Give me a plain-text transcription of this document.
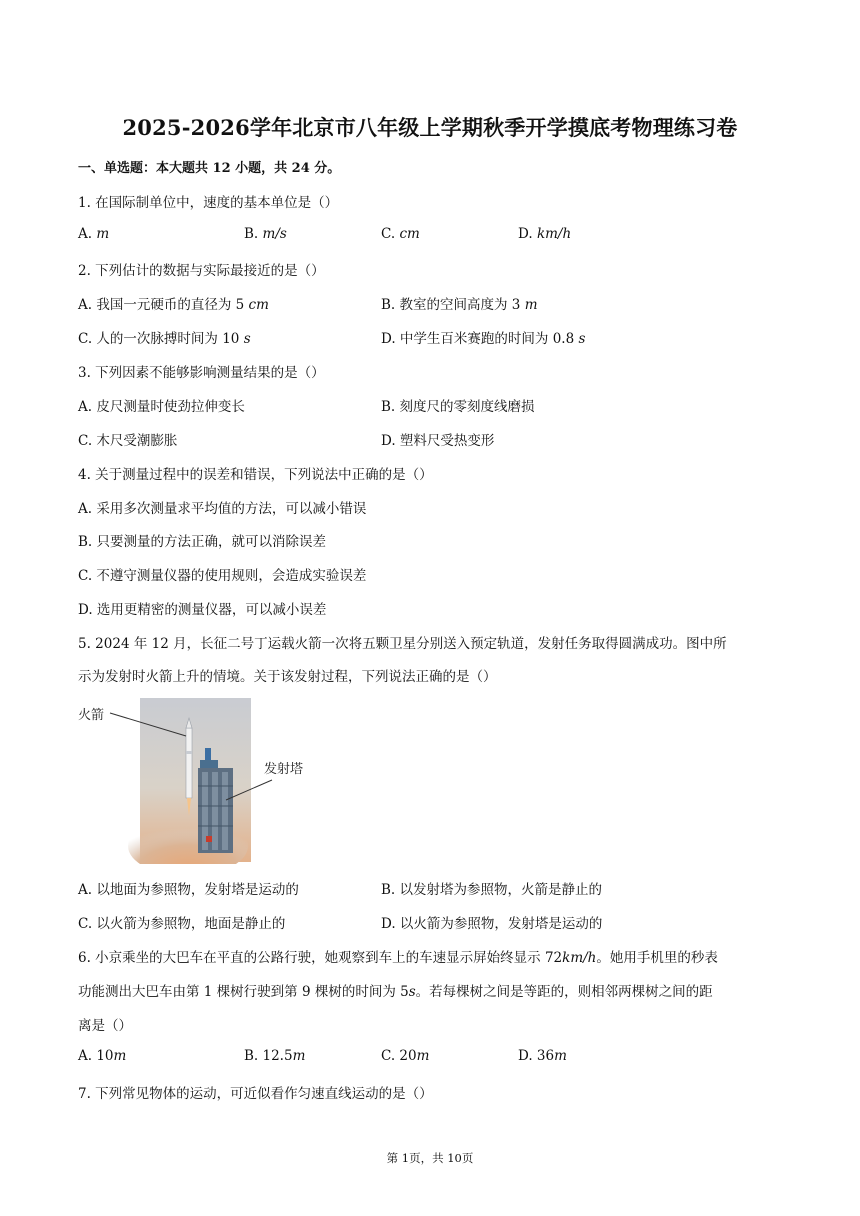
2025-2026学年北京市八年级上学期秋季开学摸底考物理练习卷
一、单选题：本大题共 12 小题，共 24 分。
1. 在国际制单位中，速度的基本单位是（）
A. m	B. m/s	C. cm	D. km/h
2. 下列估计的数据与实际最接近的是（）
A. 我国一元硬币的直径为 5 cm	B. 教室的空间高度为 3 m
C. 人的一次脉搏时间为 10 s	D. 中学生百米赛跑的时间为 0.8 s
3. 下列因素不能够影响测量结果的是（）
A. 皮尺测量时使劲拉伸变长	B. 刻度尺的零刻度线磨损
C. 木尺受潮膨胀	D. 塑料尺受热变形
4. 关于测量过程中的误差和错误，下列说法中正确的是（）
A. 采用多次测量求平均值的方法，可以减小错误
B. 只要测量的方法正确，就可以消除误差
C. 不遵守测量仪器的使用规则，会造成实验误差
D. 选用更精密的测量仪器，可以减小误差
5. 2024 年 12 月，长征二号丁运载火箭一次将五颗卫星分别送入预定轨道，发射任务取得圆满成功。图中所
示为发射时火箭上升的情境。关于该发射过程，下列说法正确的是（）
火箭
发射塔
A. 以地面为参照物，发射塔是运动的	B. 以发射塔为参照物，火箭是静止的
C. 以火箭为参照物，地面是静止的	D. 以火箭为参照物，发射塔是运动的
6. 小京乘坐的大巴车在平直的公路行驶，她观察到车上的车速显示屏始终显示 72km/h。她用手机里的秒表
功能测出大巴车由第 1 棵树行驶到第 9 棵树的时间为 5s。若每棵树之间是等距的，则相邻两棵树之间的距
离是（）
A. 10m	B. 12.5m	C. 20m	D. 36m
7. 下列常见物体的运动，可近似看作匀速直线运动的是（）
第 1页，共 10页
